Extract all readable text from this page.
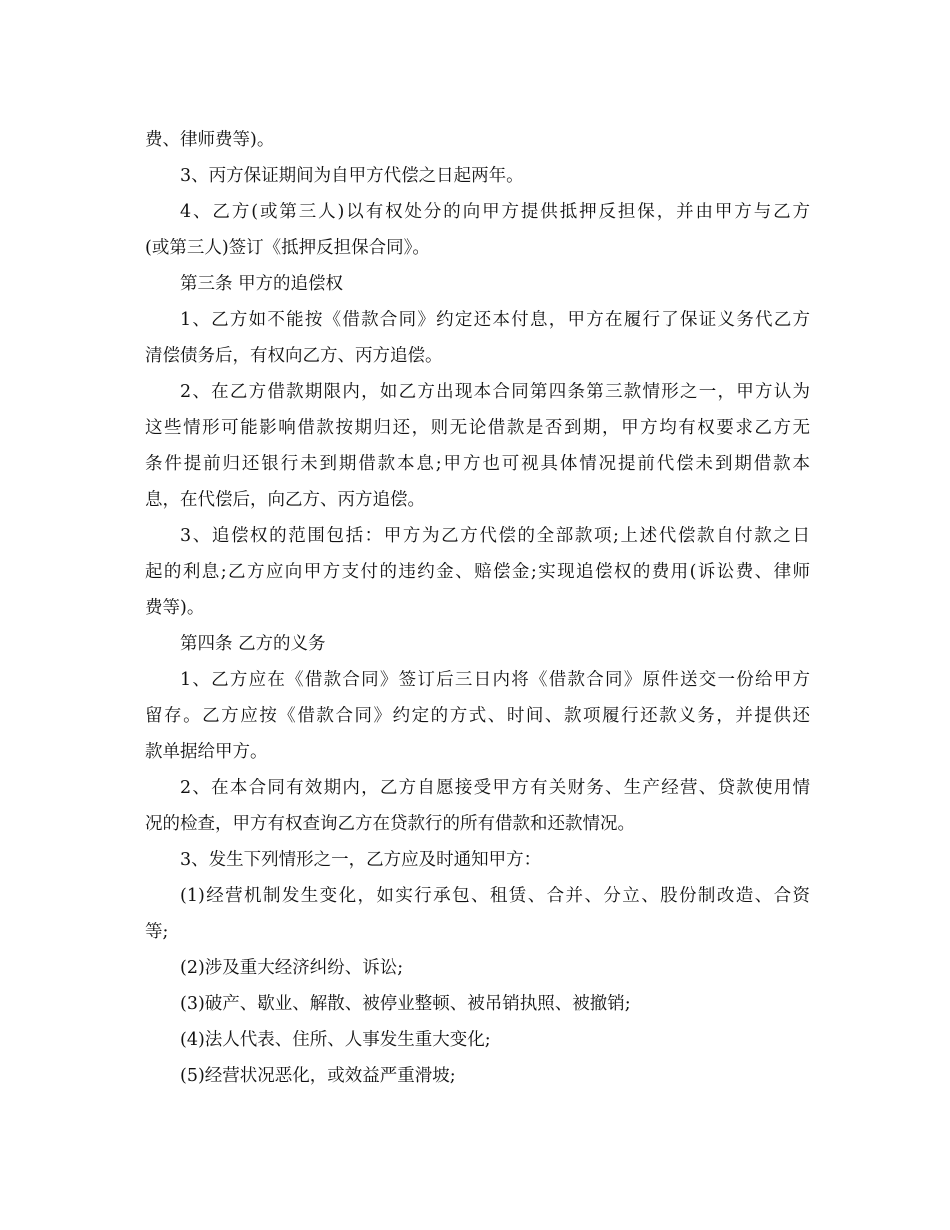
费、律师费等)。
3、丙方保证期间为自甲方代偿之日起两年。
4、乙方(或第三人)以有权处分的向甲方提供抵押反担保，并由甲方与乙方
(或第三人)签订《抵押反担保合同》。
第三条 甲方的追偿权
1、乙方如不能按《借款合同》约定还本付息，甲方在履行了保证义务代乙方
清偿债务后，有权向乙方、丙方追偿。
2、在乙方借款期限内，如乙方出现本合同第四条第三款情形之一，甲方认为
这些情形可能影响借款按期归还，则无论借款是否到期，甲方均有权要求乙方无
条件提前归还银行未到期借款本息;甲方也可视具体情况提前代偿未到期借款本
息，在代偿后，向乙方、丙方追偿。
3、追偿权的范围包括：甲方为乙方代偿的全部款项;上述代偿款自付款之日
起的利息;乙方应向甲方支付的违约金、赔偿金;实现追偿权的费用(诉讼费、律师
费等)。
第四条 乙方的义务
1、乙方应在《借款合同》签订后三日内将《借款合同》原件送交一份给甲方
留存。乙方应按《借款合同》约定的方式、时间、款项履行还款义务，并提供还
款单据给甲方。
2、在本合同有效期内，乙方自愿接受甲方有关财务、生产经营、贷款使用情
况的检查，甲方有权查询乙方在贷款行的所有借款和还款情况。
3、发生下列情形之一，乙方应及时通知甲方：
(1)经营机制发生变化，如实行承包、租赁、合并、分立、股份制改造、合资
等;
(2)涉及重大经济纠纷、诉讼;
(3)破产、歇业、解散、被停业整顿、被吊销执照、被撤销;
(4)法人代表、住所、人事发生重大变化;
(5)经营状况恶化，或效益严重滑坡;
